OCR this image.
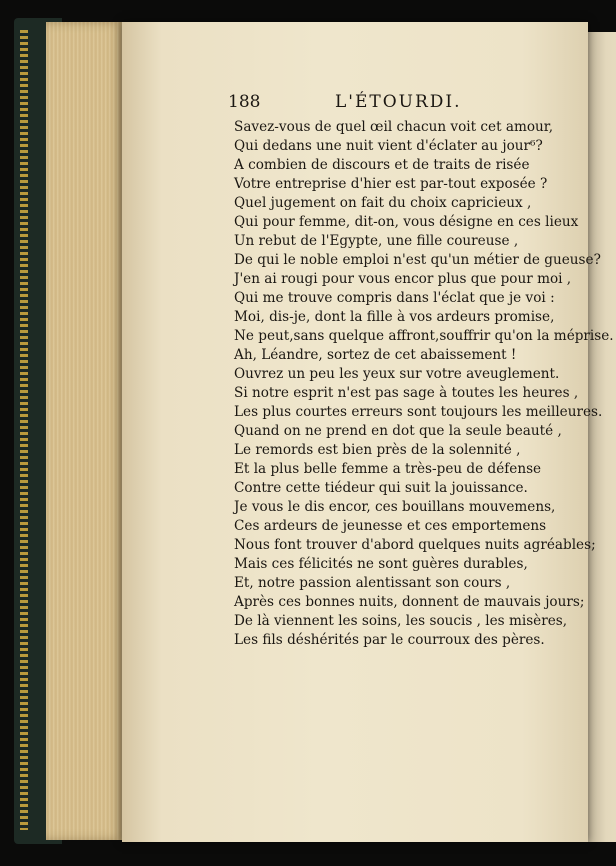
188	L'ÉTOURDI.
Savez-vous de quel œil chacun voit cet amour,
Qui dedans une nuit vient d'éclater au jour⁶?
A combien de discours et de traits de risée
Votre entreprise d'hier est par-tout exposée ?
Quel jugement on fait du choix capricieux ,
Qui pour femme, dit-on, vous désigne en ces lieux
Un rebut de l'Egypte, une fille coureuse ,
De qui le noble emploi n'est qu'un métier de gueuse?
J'en ai rougi pour vous encor plus que pour moi ,
Qui me trouve compris dans l'éclat que je voi :
Moi, dis-je, dont la fille à vos ardeurs promise,
Ne peut,sans quelque affront,souffrir qu'on la méprise.
Ah, Léandre, sortez de cet abaissement !
Ouvrez un peu les yeux sur votre aveuglement.
Si notre esprit n'est pas sage à toutes les heures ,
Les plus courtes erreurs sont toujours les meilleures.
Quand on ne prend en dot que la seule beauté ,
Le remords est bien près de la solennité ,
Et la plus belle femme a très-peu de défense
Contre cette tiédeur qui suit la jouissance.
Je vous le dis encor, ces bouillans mouvemens,
Ces ardeurs de jeunesse et ces emportemens
Nous font trouver d'abord quelques nuits agréables;
Mais ces félicités ne sont guères durables,
Et, notre passion alentissant son cours ,
Après ces bonnes nuits, donnent de mauvais jours;
De là viennent les soins, les soucis , les misères,
Les fils déshérités par le courroux des pères.
